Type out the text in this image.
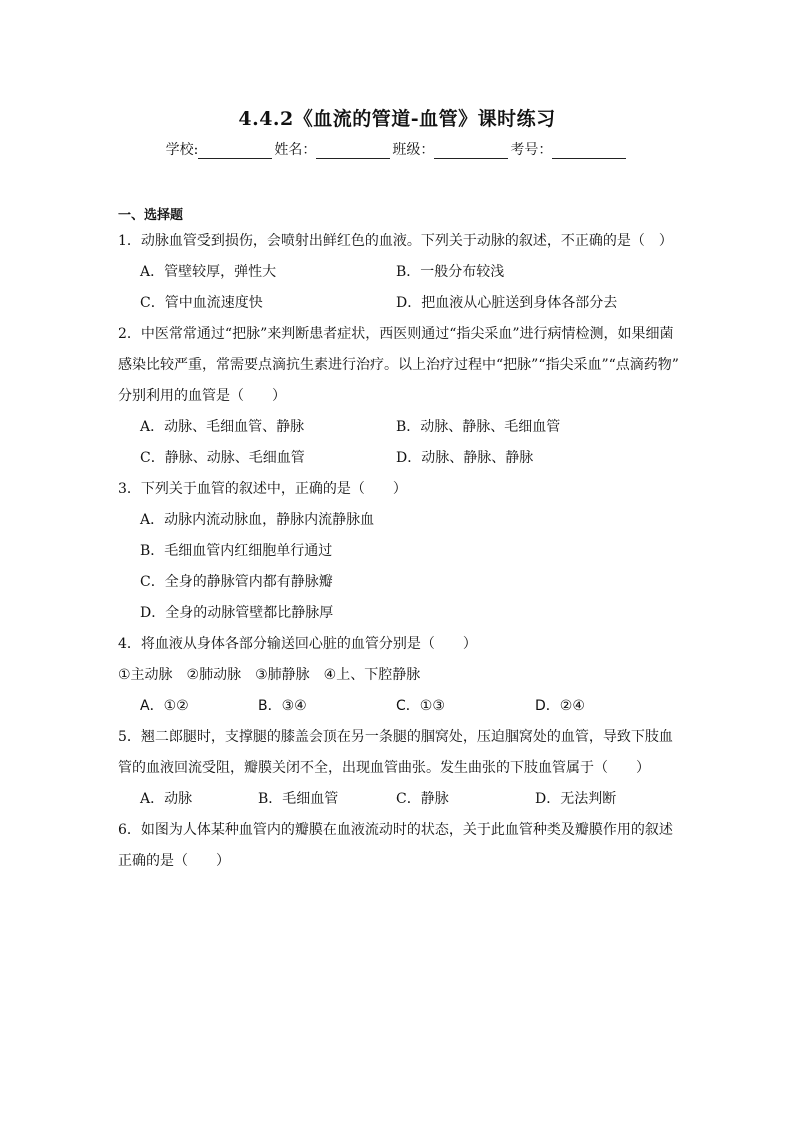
4.4.2《血流的管道-血管》课时练习
学校:	姓名：	班级：	考号：
一、选择题
1．动脉血管受到损伤，会喷射出鲜红色的血液。下列关于动脉的叙述，不正确的是（　）
A．管壁较厚，弹性大	B．一般分布较浅
C．管中血流速度快	D．把血液从心脏送到身体各部分去
2．中医常常通过“把脉”来判断患者症状，西医则通过“指尖采血”进行病情检测，如果细菌
感染比较严重，常需要点滴抗生素进行治疗。以上治疗过程中“把脉”“指尖采血”“点滴药物”
分别利用的血管是（　　）
A．动脉、毛细血管、静脉	B．动脉、静脉、毛细血管
C．静脉、动脉、毛细血管	D．动脉、静脉、静脉
3．下列关于血管的叙述中，正确的是（　　）
A．动脉内流动脉血，静脉内流静脉血
B．毛细血管内红细胞单行通过
C．全身的静脉管内都有静脉瓣
D．全身的动脉管壁都比静脉厚
4．将血液从身体各部分输送回心脏的血管分别是（　　）
①主动脉　②肺动脉　③肺静脉　④上、下腔静脉
A．①②	B．③④	C．①③	D．②④
5．翘二郎腿时，支撑腿的膝盖会顶在另一条腿的腘窝处，压迫腘窝处的血管，导致下肢血
管的血液回流受阻，瓣膜关闭不全，出现血管曲张。发生曲张的下肢血管属于（　　）
A．动脉	B．毛细血管	C．静脉	D．无法判断
6．如图为人体某种血管内的瓣膜在血液流动时的状态，关于此血管种类及瓣膜作用的叙述
正确的是（　　）
